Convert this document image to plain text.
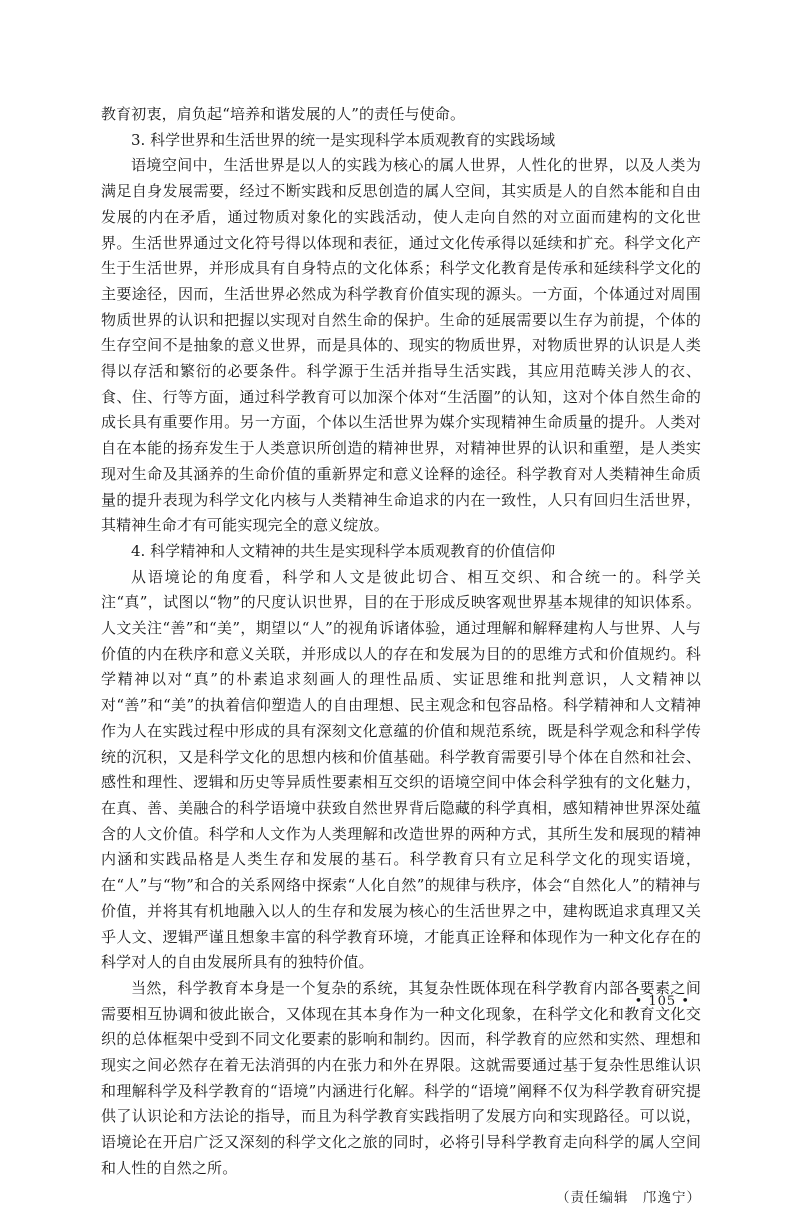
教育初衷，肩负起“培养和谐发展的人”的责任与使命。

3. 科学世界和生活世界的统一是实现科学本质观教育的实践场域

语境空间中，生活世界是以人的实践为核心的属人世界，人性化的世界，以及人类为满足自身发展需要，经过不断实践和反思创造的属人空间，其实质是人的自然本能和自由发展的内在矛盾，通过物质对象化的实践活动，使人走向自然的对立面而建构的文化世界。生活世界通过文化符号得以体现和表征，通过文化传承得以延续和扩充。科学文化产生于生活世界，并形成具有自身特点的文化体系；科学文化教育是传承和延续科学文化的主要途径，因而，生活世界必然成为科学教育价值实现的源头。一方面，个体通过对周围物质世界的认识和把握以实现对自然生命的保护。生命的延展需要以生存为前提，个体的生存空间不是抽象的意义世界，而是具体的、现实的物质世界，对物质世界的认识是人类得以存活和繁衍的必要条件。科学源于生活并指导生活实践，其应用范畴关涉人的衣、食、住、行等方面，通过科学教育可以加深个体对“生活圈”的认知，这对个体自然生命的成长具有重要作用。另一方面，个体以生活世界为媒介实现精神生命质量的提升。人类对自在本能的扬弃发生于人类意识所创造的精神世界，对精神世界的认识和重塑，是人类实现对生命及其涵养的生命价值的重新界定和意义诠释的途径。科学教育对人类精神生命质量的提升表现为科学文化内核与人类精神生命追求的内在一致性，人只有回归生活世界，其精神生命才有可能实现完全的意义绽放。

4. 科学精神和人文精神的共生是实现科学本质观教育的价值信仰

从语境论的角度看，科学和人文是彼此切合、相互交织、和合统一的。科学关注“真”，试图以“物”的尺度认识世界，目的在于形成反映客观世界基本规律的知识体系。人文关注“善”和“美”，期望以“人”的视角诉诸体验，通过理解和解释建构人与世界、人与价值的内在秩序和意义关联，并形成以人的存在和发展为目的的思维方式和价值规约。科学精神以对“真”的朴素追求刻画人的理性品质、实证思维和批判意识，人文精神以对“善”和“美”的执着信仰塑造人的自由理想、民主观念和包容品格。科学精神和人文精神作为人在实践过程中形成的具有深刻文化意蕴的价值和规范系统，既是科学观念和科学传统的沉积，又是科学文化的思想内核和价值基础。科学教育需要引导个体在自然和社会、感性和理性、逻辑和历史等异质性要素相互交织的语境空间中体会科学独有的文化魅力，在真、善、美融合的科学语境中获致自然世界背后隐藏的科学真相，感知精神世界深处蕴含的人文价值。科学和人文作为人类理解和改造世界的两种方式，其所生发和展现的精神内涵和实践品格是人类生存和发展的基石。科学教育只有立足科学文化的现实语境，在“人”与“物”和合的关系网络中探索“人化自然”的规律与秩序，体会“自然化人”的精神与价值，并将其有机地融入以人的生存和发展为核心的生活世界之中，建构既追求真理又关乎人文、逻辑严谨且想象丰富的科学教育环境，才能真正诠释和体现作为一种文化存在的科学对人的自由发展所具有的独特价值。

当然，科学教育本身是一个复杂的系统，其复杂性既体现在科学教育内部各要素之间需要相互协调和彼此嵌合，又体现在其本身作为一种文化现象，在科学文化和教育文化交织的总体框架中受到不同文化要素的影响和制约。因而，科学教育的应然和实然、理想和现实之间必然存在着无法消弭的内在张力和外在界限。这就需要通过基于复杂性思维认识和理解科学及科学教育的“语境”内涵进行化解。科学的“语境”阐释不仅为科学教育研究提供了认识论和方法论的指导，而且为科学教育实践指明了发展方向和实现路径。可以说，语境论在开启广泛又深刻的科学文化之旅的同时，必将引导科学教育走向科学的属人空间和人性的自然之所。

（责任编辑　邝逸宁）

• 105 •
